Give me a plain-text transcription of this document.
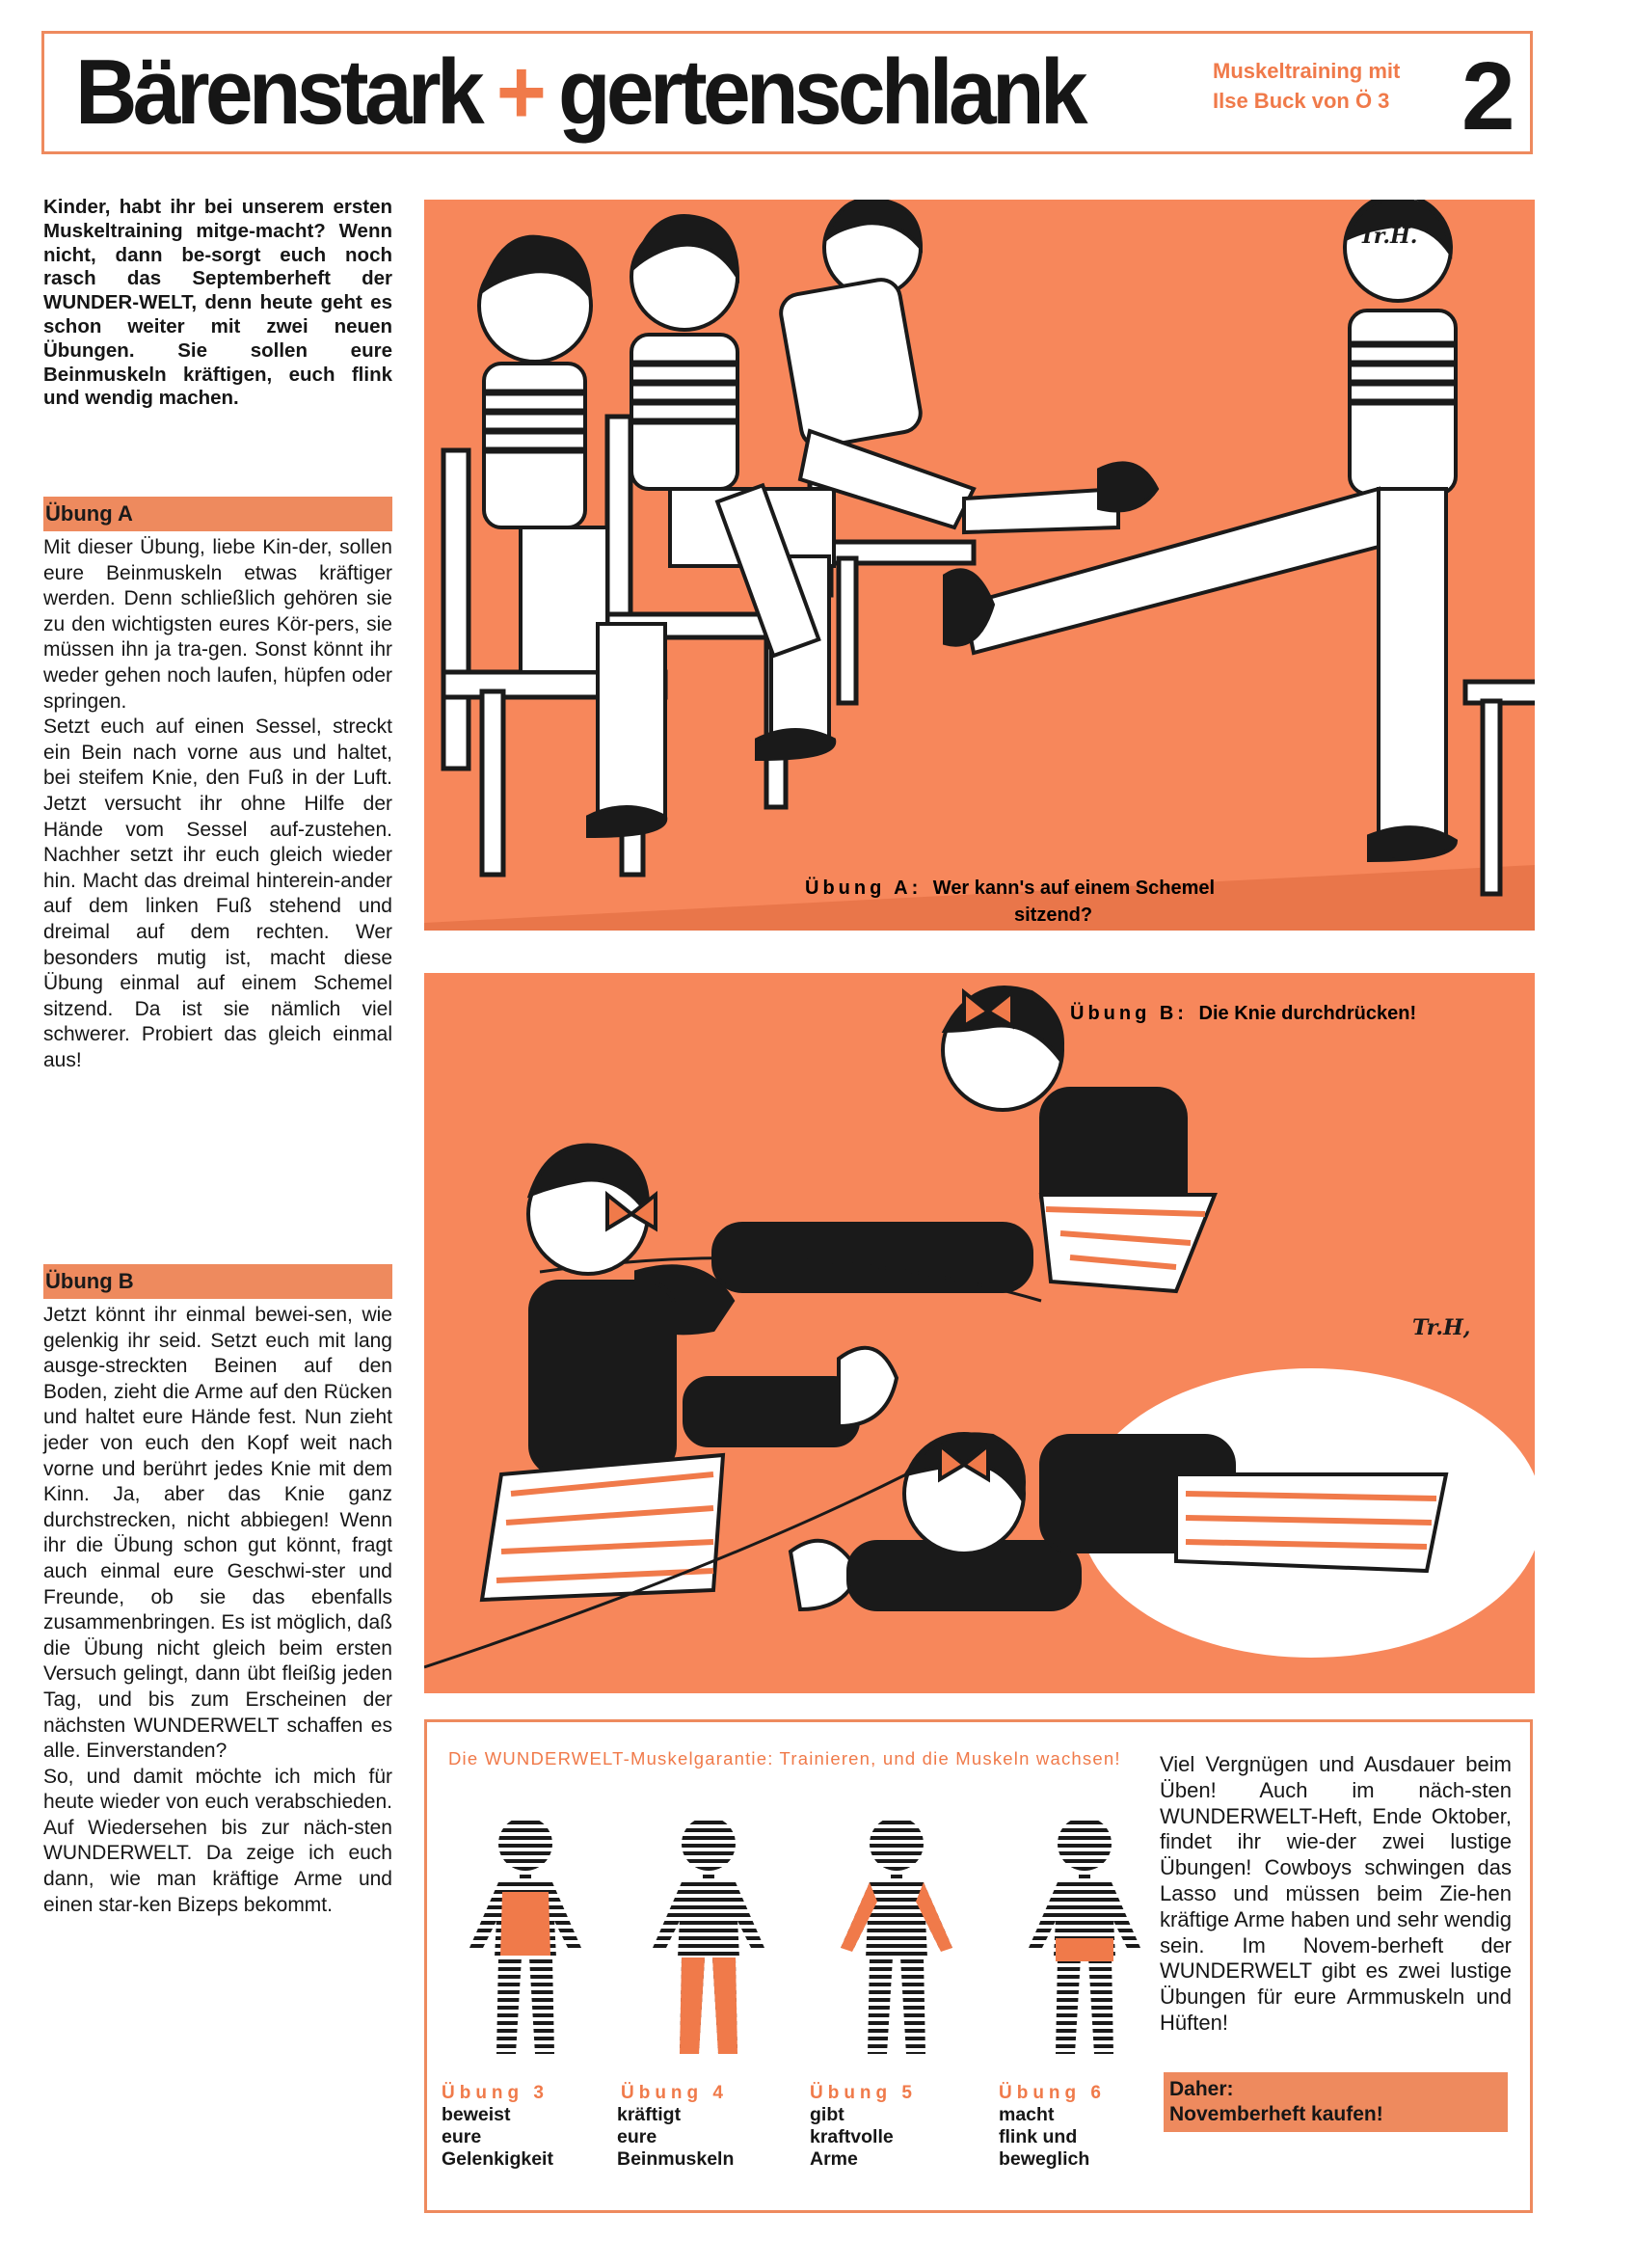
Bärenstark + gertenschlank	Muskeltraining mit
Ilse Buck von Ö 3 2
Kinder, habt ihr bei unserem ersten Muskeltraining mitge-macht? Wenn nicht, dann be-sorgt euch noch rasch das Septemberheft der WUNDER-WELT, denn heute geht es schon weiter mit zwei neuen Übungen. Sie sollen eure Beinmuskeln kräftigen, euch flink und wendig machen.
Übung A

Mit dieser Übung, liebe Kin-der, sollen eure Beinmuskeln etwas kräftiger werden. Denn schließlich gehören sie zu den wichtigsten eures Kör-pers, sie müssen ihn ja tra-gen. Sonst könnt ihr weder gehen noch laufen, hüpfen oder springen.

Setzt euch auf einen Sessel, streckt ein Bein nach vorne aus und haltet, bei steifem Knie, den Fuß in der Luft. Jetzt versucht ihr ohne Hilfe der Hände vom Sessel auf-zustehen. Nachher setzt ihr euch gleich wieder hin. Macht das dreimal hinterein-ander auf dem linken Fuß stehend und dreimal auf dem rechten. Wer besonders mutig ist, macht diese Übung einmal auf einem Schemel sitzend. Da ist sie nämlich viel schwerer. Probiert das gleich einmal aus!

Übung B

Jetzt könnt ihr einmal bewei-sen, wie gelenkig ihr seid. Setzt euch mit lang ausge-streckten Beinen auf den Boden, zieht die Arme auf den Rücken und haltet eure Hände fest. Nun zieht jeder von euch den Kopf weit nach vorne und berührt jedes Knie mit dem Kinn. Ja, aber das Knie ganz durchstrecken, nicht abbiegen! Wenn ihr die Übung schon gut könnt, fragt auch einmal eure Geschwi-ster und Freunde, ob sie das ebenfalls zusammenbringen. Es ist möglich, daß die Übung nicht gleich beim ersten Versuch gelingt, dann übt fleißig jeden Tag, und bis zum Erscheinen der nächsten WUNDERWELT schaffen es alle. Einverstanden?

So, und damit möchte ich mich für heute wieder von euch verabschieden. Auf Wiedersehen bis zur näch-sten WUNDERWELT. Da zeige ich euch dann, wie man kräftige Arme und einen star-ken Bizeps bekommt.

Tr.H.
Übung A: Wer kann's auf einem Schemel
sitzend?
Tr.H,
Übung B: Die Knie durchdrücken!
Die WUNDERWELT-Muskelgarantie: Trainieren, und die Muskeln wachsen!
Übung 3
beweist
eure
Gelenkigkeit
Übung 4
kräftigt
eure
Beinmuskeln
Übung 5
gibt
kraftvolle
Arme
Übung 6
macht
flink und
beweglich
Viel Vergnügen und Ausdauer beim Üben! Auch im näch-sten WUNDERWELT-Heft, Ende Oktober, findet ihr wie-der zwei lustige Übungen! Cowboys schwingen das Lasso und müssen beim Zie-hen kräftige Arme haben und sehr wendig sein. Im Novem-berheft der WUNDERWELT gibt es zwei lustige Übungen für eure Armmuskeln und Hüften!
Daher:
Novemberheft kaufen!
